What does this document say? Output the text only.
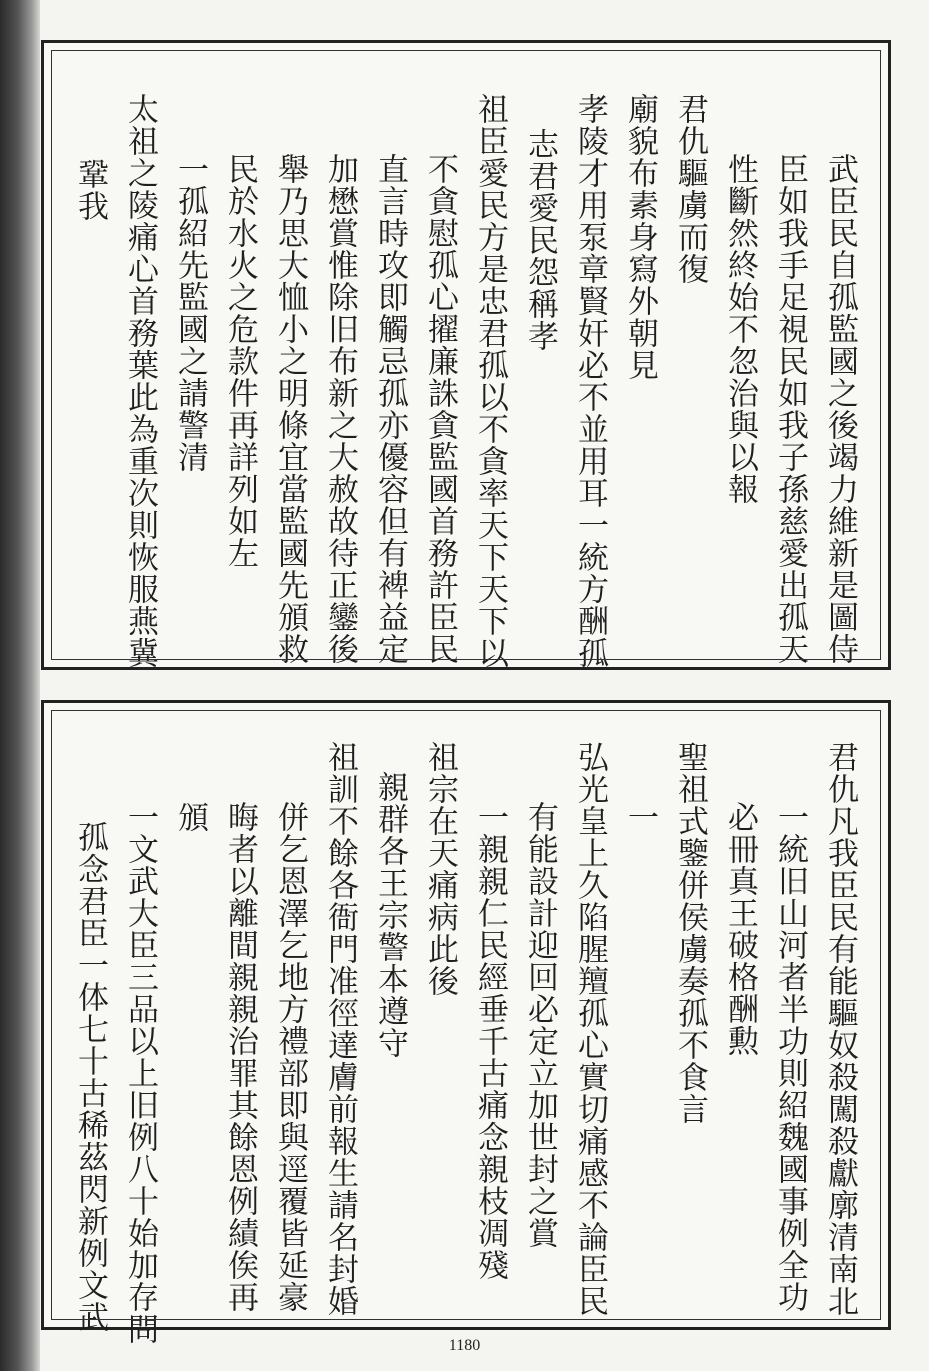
武臣民自孤監國之後竭力維新是圖侍
臣如我手足視民如我子孫慈愛出孤天
性斷然終始不忽治與以報
君仇驅虜而復
廟貌布素身寫外朝見
孝陵才用泵章賢奸必不並用耳一統方酬孤
志君愛民怨稱孝
祖臣愛民方是忠君孤以不貪率天下天下以
不貪慰孤心擢廉誅貪監國首務許臣民
直言時攻即觸忌孤亦優容但有裨益定
加懋賞惟除旧布新之大赦故待正鑾後
舉乃思大恤小之明條宜當監國先頒救
民於水火之危款件再詳列如左
一孤紹先監國之請警清
太祖之陵痛心首務葉此為重次則恢服燕冀
鞏我
君仇凡我臣民有能驅奴殺闖殺獻廓清南北
一統旧山河者半功則紹魏國事例全功
必冊真王破格酬勲
聖祖式鑒併侯虜奏孤不食言
一
弘光皇上久陷腥羶孤心實切痛感不論臣民
有能設計迎回必定立加世封之賞
一親親仁民經垂千古痛念親枝凋殘
祖宗在天痛病此後
親群各王宗警本遵守
祖訓不餘各衙門准徑達膚前報生請名封婚
併乞恩澤乞地方禮部即與逕覆皆延豪
晦者以離間親親治罪其餘恩例績俟再
頒
一文武大臣三品以上旧例八十始加存問
孤念君臣一体七十古稀茲閃新例文武
1180
